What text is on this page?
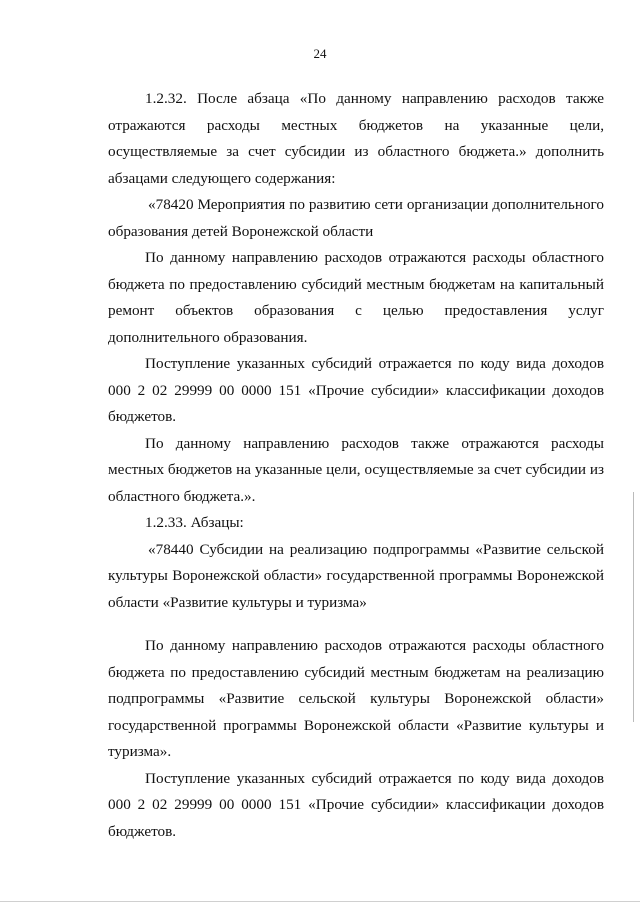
24

1.2.32. После абзаца «По данному направлению расходов также отражаются расходы местных бюджетов на указанные цели, осуществляемые за счет субсидии из областного бюджета.» дополнить абзацами следующего содержания:

«78420 Мероприятия по развитию сети организации дополнительного образования детей Воронежской области

По данному направлению расходов отражаются расходы областного бюджета по предоставлению субсидий местным бюджетам на капитальный ремонт объектов образования с целью предоставления услуг дополнительного образования.

Поступление указанных субсидий отражается по коду вида доходов 000 2 02 29999 00 0000 151 «Прочие субсидии» классификации доходов бюджетов.

По данному направлению расходов также отражаются расходы местных бюджетов на указанные цели, осуществляемые за счет субсидии из областного бюджета.».

1.2.33. Абзацы:

«78440 Субсидии на реализацию подпрограммы «Развитие сельской культуры Воронежской области» государственной программы Воронежской области «Развитие культуры и туризма»

По данному направлению расходов отражаются расходы областного бюджета по предоставлению субсидий местным бюджетам на реализацию подпрограммы «Развитие сельской культуры Воронежской области» государственной программы Воронежской области «Развитие культуры и туризма».

Поступление указанных субсидий отражается по коду вида доходов 000 2 02 29999 00 0000 151 «Прочие субсидии» классификации доходов бюджетов.
